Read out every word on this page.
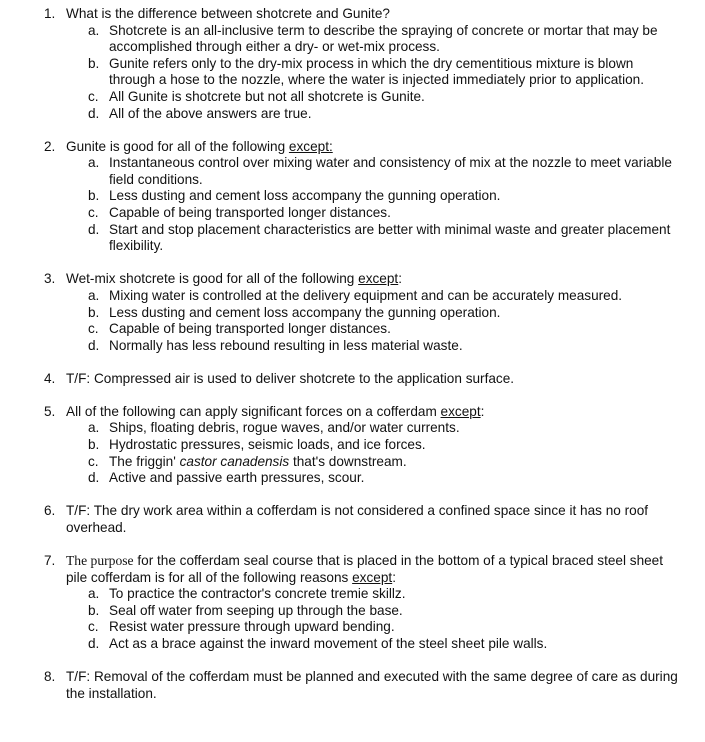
1. What is the difference between shotcrete and Gunite?
a. Shotcrete is an all-inclusive term to describe the spraying of concrete or mortar that may be accomplished through either a dry- or wet-mix process.
b. Gunite refers only to the dry-mix process in which the dry cementitious mixture is blown through a hose to the nozzle, where the water is injected immediately prior to application.
c. All Gunite is shotcrete but not all shotcrete is Gunite.
d. All of the above answers are true.
2. Gunite is good for all of the following except:
a. Instantaneous control over mixing water and consistency of mix at the nozzle to meet variable field conditions.
b. Less dusting and cement loss accompany the gunning operation.
c. Capable of being transported longer distances.
d. Start and stop placement characteristics are better with minimal waste and greater placement flexibility.
3. Wet-mix shotcrete is good for all of the following except:
a. Mixing water is controlled at the delivery equipment and can be accurately measured.
b. Less dusting and cement loss accompany the gunning operation.
c. Capable of being transported longer distances.
d. Normally has less rebound resulting in less material waste.
4. T/F: Compressed air is used to deliver shotcrete to the application surface.
5. All of the following can apply significant forces on a cofferdam except:
a. Ships, floating debris, rogue waves, and/or water currents.
b. Hydrostatic pressures, seismic loads, and ice forces.
c. The friggin' castor canadensis that's downstream.
d. Active and passive earth pressures, scour.
6. T/F: The dry work area within a cofferdam is not considered a confined space since it has no roof overhead.
7. The purpose for the cofferdam seal course that is placed in the bottom of a typical braced steel sheet pile cofferdam is for all of the following reasons except:
a. To practice the contractor's concrete tremie skillz.
b. Seal off water from seeping up through the base.
c. Resist water pressure through upward bending.
d. Act as a brace against the inward movement of the steel sheet pile walls.
8. T/F: Removal of the cofferdam must be planned and executed with the same degree of care as during the installation.
